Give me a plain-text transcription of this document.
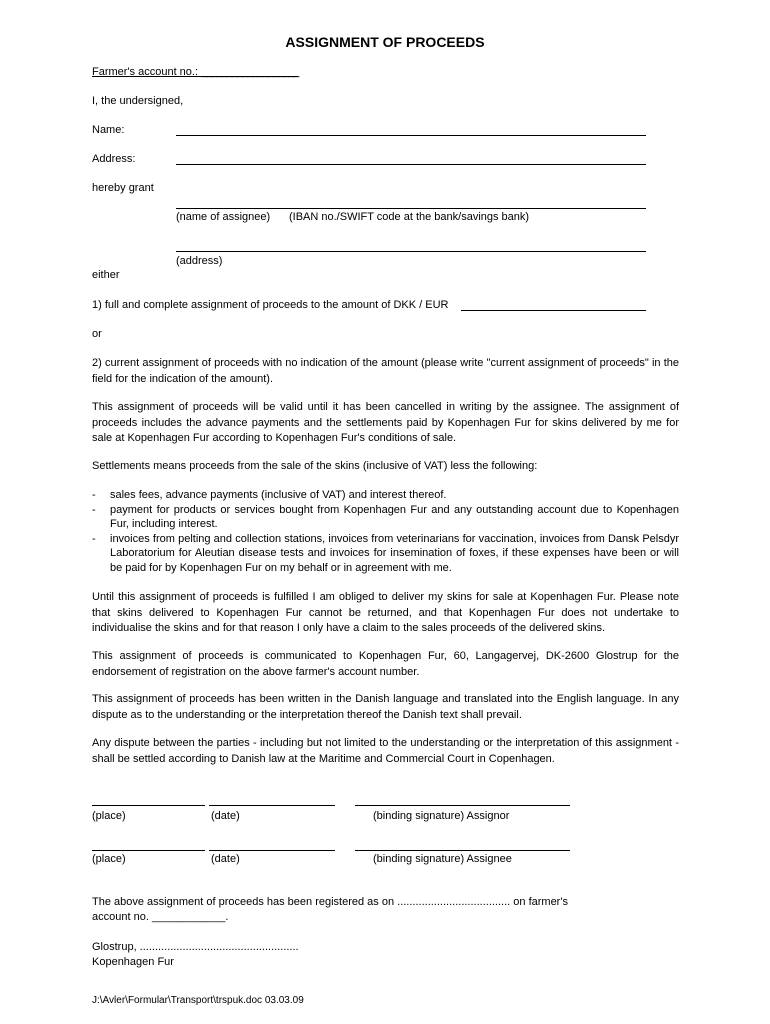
ASSIGNMENT OF PROCEEDS
Farmer's account no.: ___________________
I, the undersigned,
Name:
Address:
hereby grant
(name of assignee) (IBAN no./SWIFT code at the bank/savings bank)
(address)
either
1) full and complete assignment of proceeds to the amount of DKK / EUR
or
2) current assignment of proceeds with no indication of the amount (please write "current assignment of proceeds" in the field for the indication of the amount).
This assignment of proceeds will be valid until it has been cancelled in writing by the assignee. The assignment of proceeds includes the advance payments and the settlements paid by Kopenhagen Fur for skins delivered by me for sale at Kopenhagen Fur according to Kopenhagen Fur's conditions of sale.
Settlements means proceeds from the sale of the skins (inclusive of VAT) less the following:
- sales fees, advance payments (inclusive of VAT) and interest thereof.
- payment for products or services bought from Kopenhagen Fur and any outstanding account due to Kopenhagen Fur, including interest.
- invoices from pelting and collection stations, invoices from veterinarians for vaccination, invoices from Dansk Pelsdyr Laboratorium for Aleutian disease tests and invoices for insemination of foxes, if these expenses have been or will be paid for by Kopenhagen Fur on my behalf or in agreement with me.
Until this assignment of proceeds is fulfilled I am obliged to deliver my skins for sale at Kopenhagen Fur. Please note that skins delivered to Kopenhagen Fur cannot be returned, and that Kopenhagen Fur does not undertake to individualise the skins and for that reason I only have a claim to the sales proceeds of the delivered skins.
This assignment of proceeds is communicated to Kopenhagen Fur, 60, Langagervej, DK-2600 Glostrup for the endorsement of registration on the above farmer's account number.
This assignment of proceeds has been written in the Danish language and translated into the English language. In any dispute as to the understanding or the interpretation thereof the Danish text shall prevail.
Any dispute between the parties - including but not limited to the understanding or the interpretation of this assignment - shall be settled according to Danish law at the Maritime and Commercial Court in Copenhagen.
(place)	(date)	(binding signature) Assignor
(place)	(date)	(binding signature) Assignee
The above assignment of proceeds has been registered as on ..................................... on farmer's
account no. ____________.
Glostrup, ....................................................
Kopenhagen Fur
J:\Avler\Formular\Transport\trspuk.doc 03.03.09
